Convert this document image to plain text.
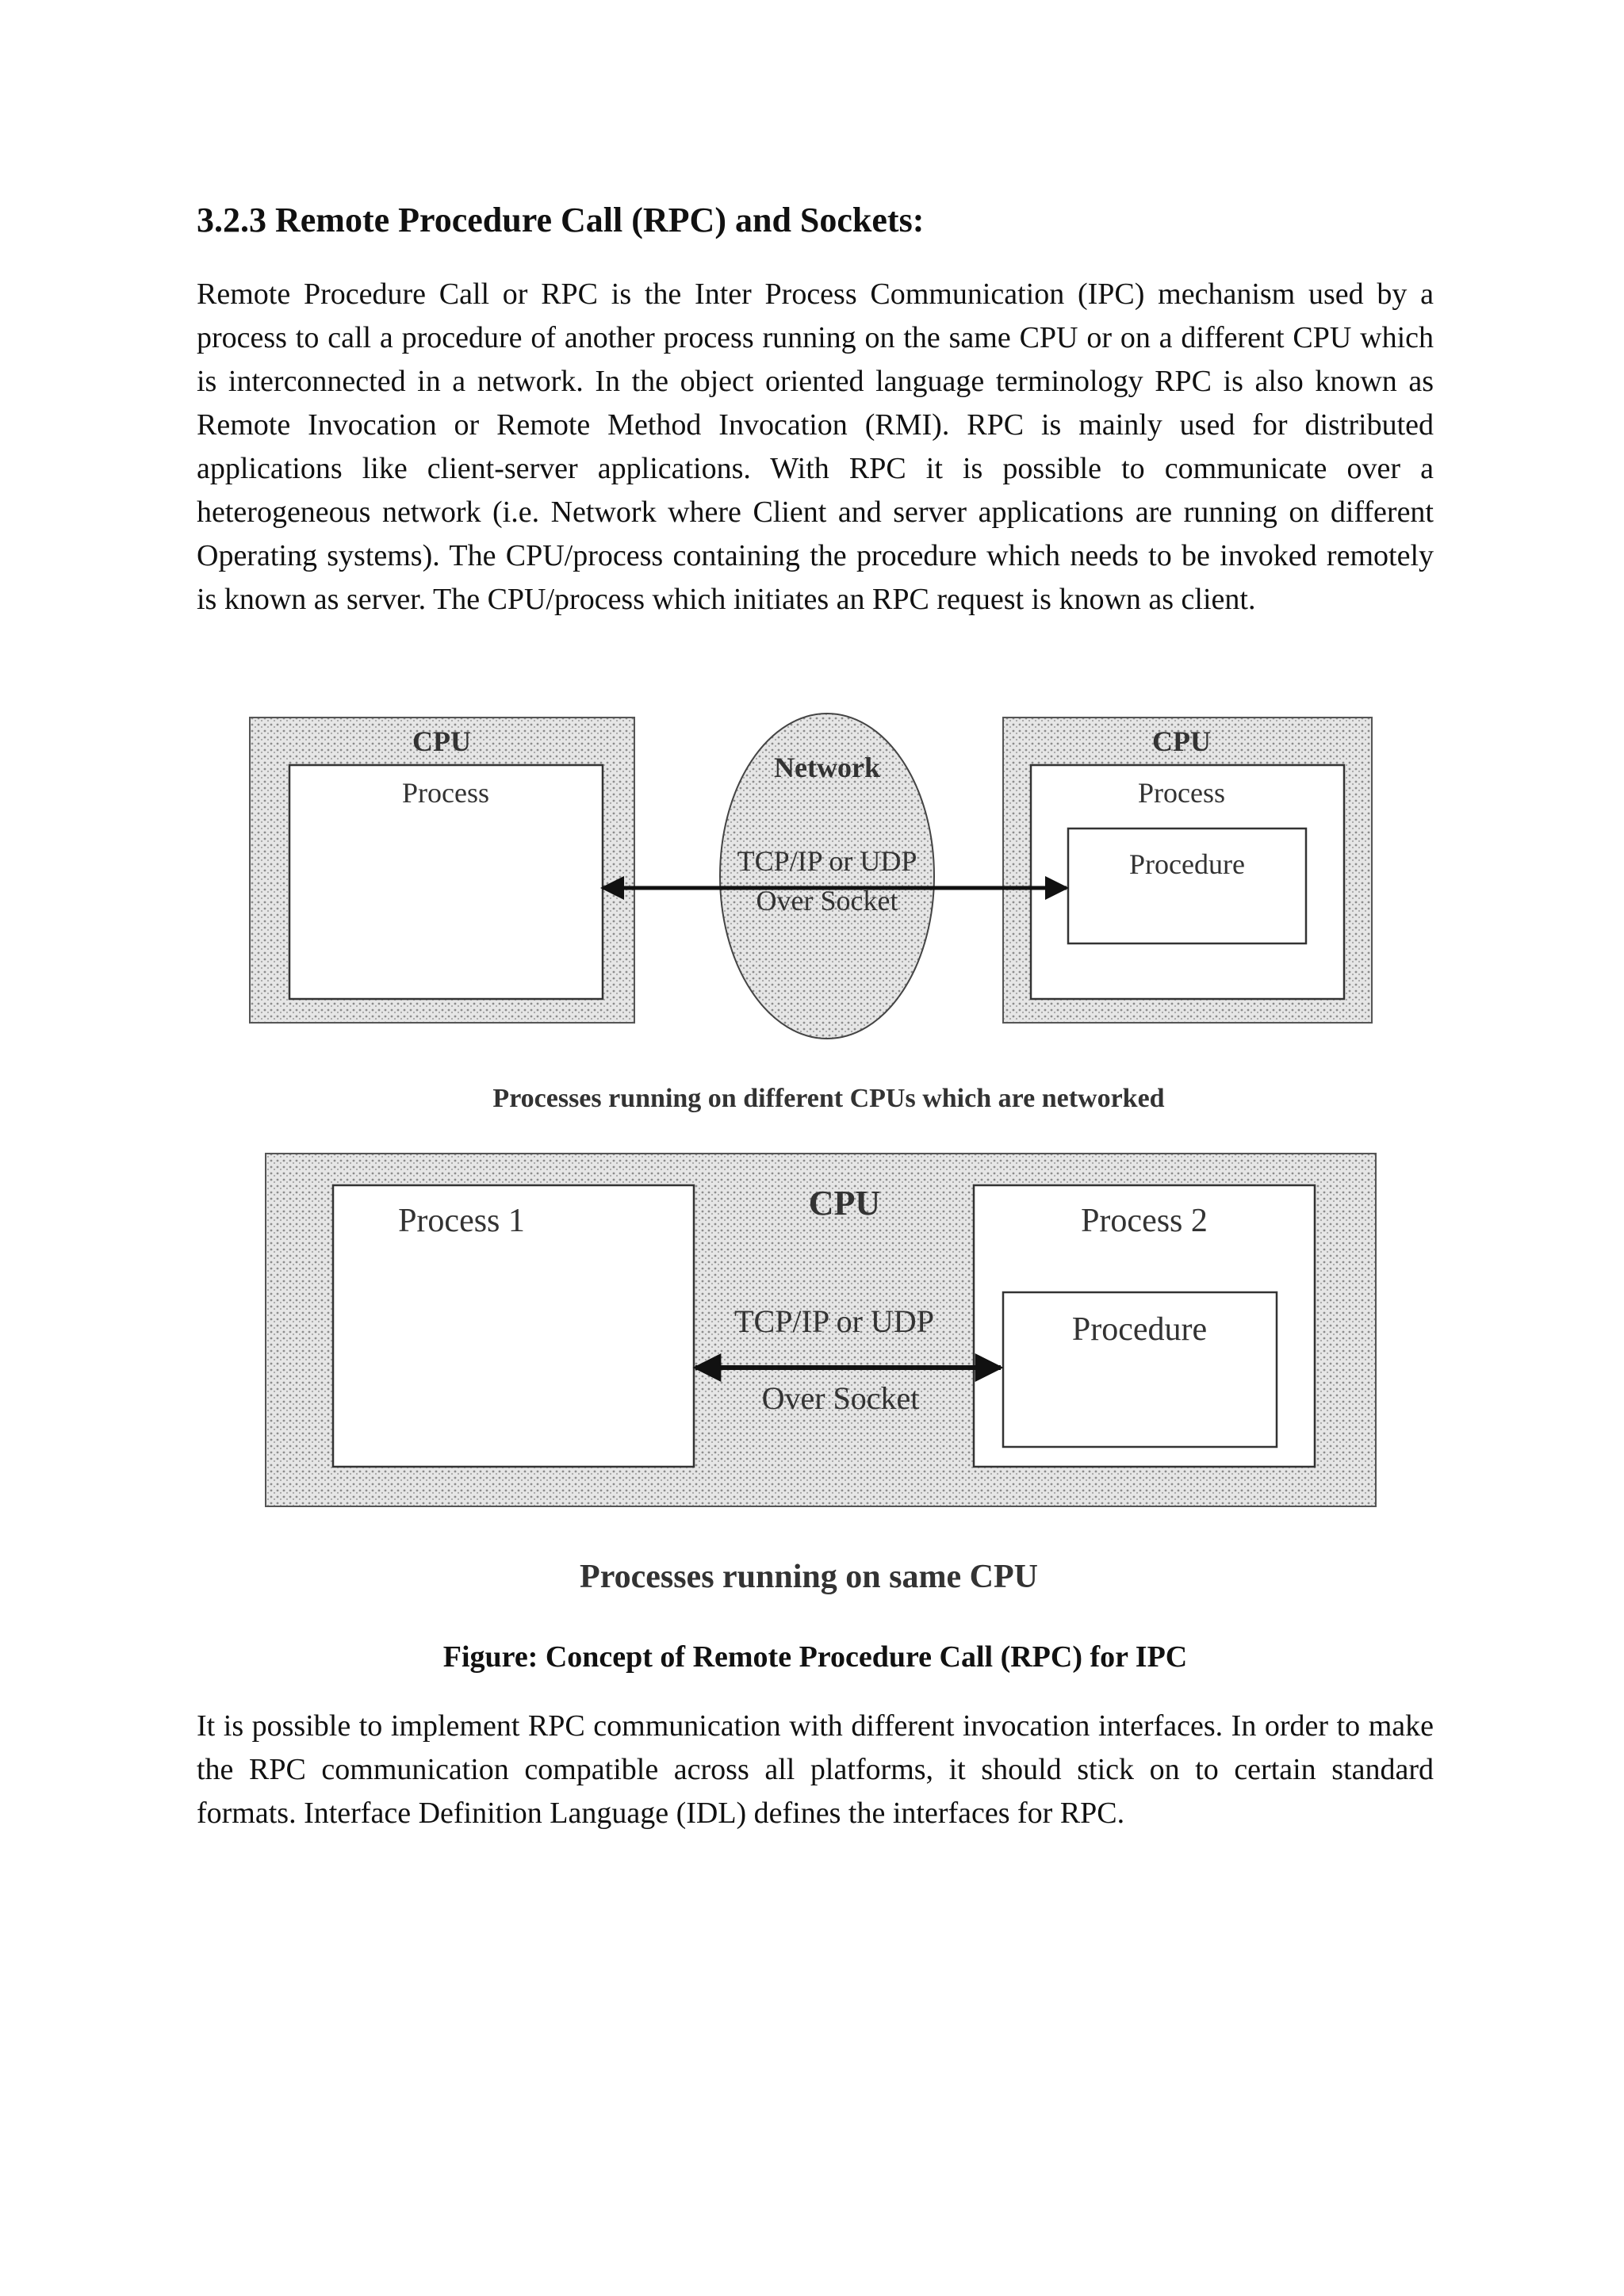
3.2.3 Remote Procedure Call (RPC) and Sockets:

Remote Procedure Call or RPC is the Inter Process Communication (IPC) mechanism used by a process to call a procedure of another process running on the same CPU or on a different CPU which is interconnected in a network. In the object oriented language terminology RPC is also known as Remote Invocation or Remote Method Invocation (RMI). RPC is mainly used for distributed applications like client-server applications. With RPC it is possible to communicate over a heterogeneous network (i.e. Network where Client and server applications are running on different Operating systems). The CPU/process containing the procedure which needs to be invoked remotely is known as server. The CPU/process which initiates an RPC request is known as client.

CPU
Process
Network
TCP/IP or UDP
Over Socket
CPU
Process
Procedure
Processes running on different CPUs which are networked
CPU
Process 1	Process 2
Procedure
TCP/IP or UDP
Over Socket
Processes running on same CPU

Figure: Concept of Remote Procedure Call (RPC) for IPC

It is possible to implement RPC communication with different invocation interfaces. In order to make the RPC communication compatible across all platforms, it should stick on to certain standard formats. Interface Definition Language (IDL) defines the interfaces for RPC.
